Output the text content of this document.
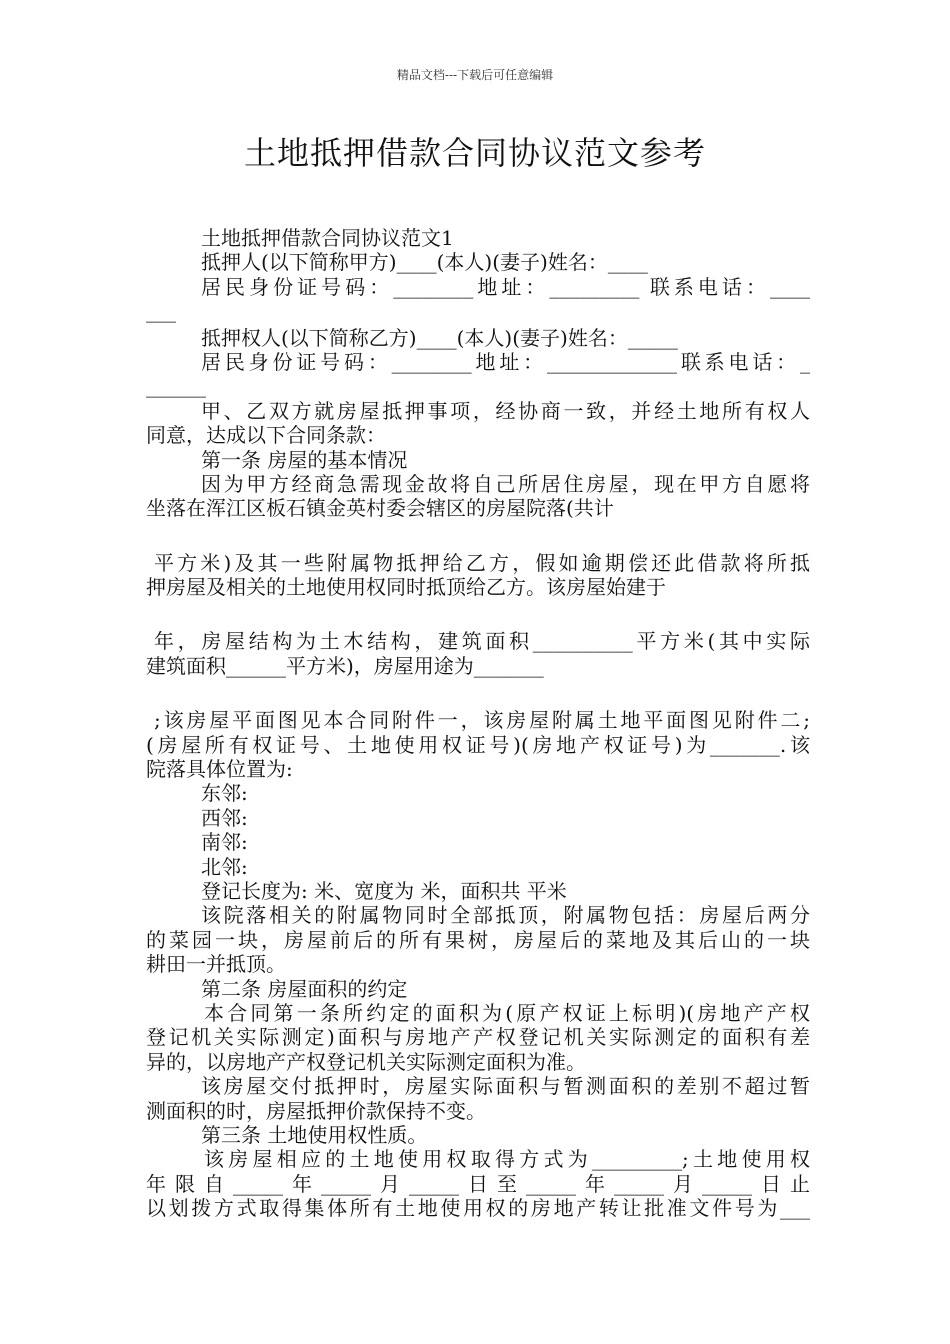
精品文档---下载后可任意编辑
土地抵押借款合同协议范文参考
土地抵押借款合同协议范文1
抵押人(以下简称甲方)____(本人)(妻子)姓名：____
居民身份证号码：________地址：_________ 联系电话：____
___
抵押权人(以下简称乙方)____(本人)(妻子)姓名：_____
居民身份证号码：________地址：_____________联系电话：_
______
甲、乙双方就房屋抵押事项，经协商一致，并经土地所有权人
同意，达成以下合同条款：
第一条 房屋的基本情况
因为甲方经商急需现金故将自己所居住房屋，现在甲方自愿将
坐落在浑江区板石镇金英村委会辖区的房屋院落(共计
平方米)及其一些附属物抵押给乙方，假如逾期偿还此借款将所抵
押房屋及相关的土地使用权同时抵顶给乙方。该房屋始建于
年，房屋结构为土木结构，建筑面积__________平方米(其中实际
建筑面积______平方米)，房屋用途为_______
;该房屋平面图见本合同附件一，该房屋附属土地平面图见附件二;
(房屋所有权证号、土地使用权证号)(房地产权证号)为_______.该
院落具体位置为:
东邻:
西邻:
南邻:
北邻:
登记长度为: 米、宽度为 米，面积共 平米
该院落相关的附属物同时全部抵顶，附属物包括：房屋后两分
的菜园一块，房屋前后的所有果树，房屋后的菜地及其后山的一块
耕田一并抵顶。
第二条 房屋面积的约定
本合同第一条所约定的面积为(原产权证上标明)(房地产产权
登记机关实际测定)面积与房地产产权登记机关实际测定的面积有差
异的，以房地产产权登记机关实际测定面积为准。
该房屋交付抵押时，房屋实际面积与暂测面积的差别不超过暂
测面积的时，房屋抵押价款保持不变。
第三条 土地使用权性质。
该房屋相应的土地使用权取得方式为_________;土地使用权
年限自_____年_____月_____日至_____年_____月_____日止
以划拨方式取得集体所有土地使用权的房地产转让批准文件号为___
